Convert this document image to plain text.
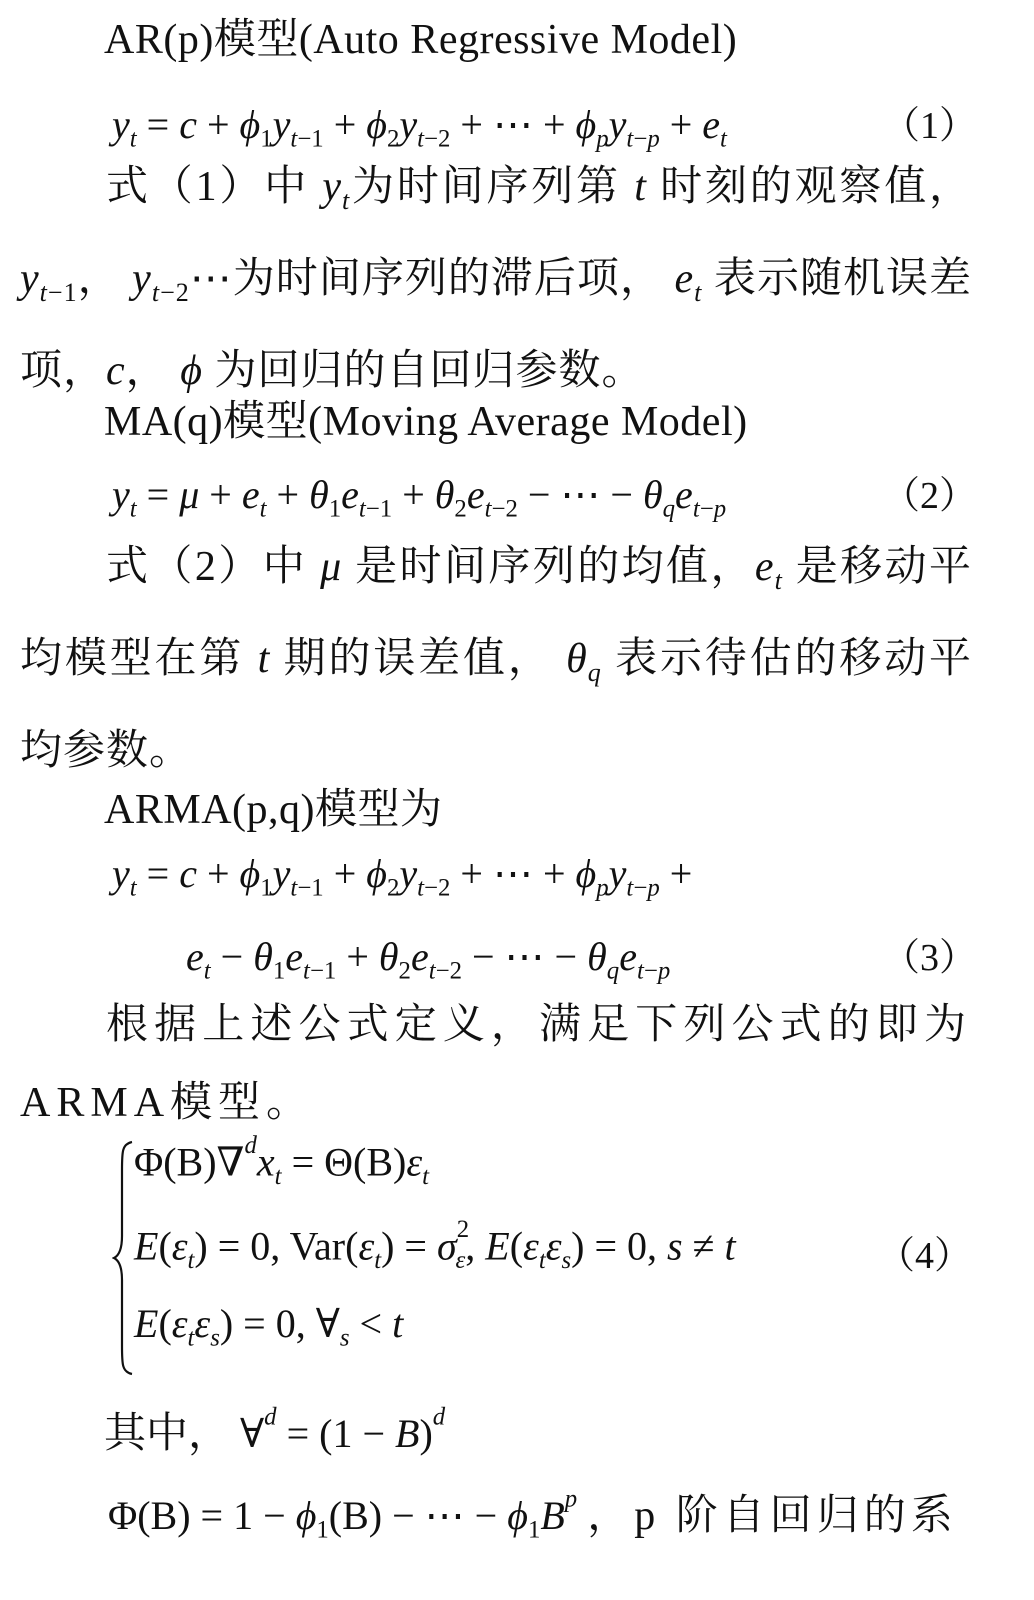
AR(p)模型(Auto Regressive Model)
$y_t = c + \phi_1y_{t-1} + \phi_2y_{t-2}$ + ⋯ + $\phi_py_{t-p} + e_t$	（1）

式（1）中 $y_t$为时间序列第 t 时刻的观察值， $y_{t-1}$， $y_{t-2}\cdots$为时间序列的滞后项， $e_t$ 表示随机误差项，c， ϕ 为回归的自回归参数。

MA(q)模型(Moving Average Model)
$y_t = \mu + e_t + \theta_1e_{t-1} + \theta_2e_{t-2}$ − ⋯ − $\theta_qe_{t-p}$	（2）

式（2）中 μ 是时间序列的均值，$e_t$ 是移动平均模型在第 t 期的误差值， $\theta_q$ 表示待估的移动平均参数。

ARMA(p,q)模型为
$y_t = c + \phi_1y_{t-1} + \phi_2y_{t-2}$ + ⋯ + $\phi_py_{t-p}$ +
$e_t - \theta_1e_{t-1} + \theta_2e_{t-2}$ − ⋯ − $\theta_qe_{t-p}$	（3）

根据上述公式定义，满足下列公式的即为ARMA模型。

$\Phi(B)\nabla^dx_t = \Theta(B)\varepsilon_t$
$E(\varepsilon_t) = 0$, $Var(\varepsilon_t) = \sigma^2_\varepsilon$, $E(\varepsilon_t\varepsilon_s) = 0$, s ≠ t
$E(\varepsilon_t\varepsilon_s) = 0$, $\forall_s < t$
（4）
其中， ∀$^d$ = $(1 - B)^d$
$\Phi(B) = 1 - \phi_1(B)$ − ⋯ − $\phi_1B^p$ ，p 阶自回归的系
